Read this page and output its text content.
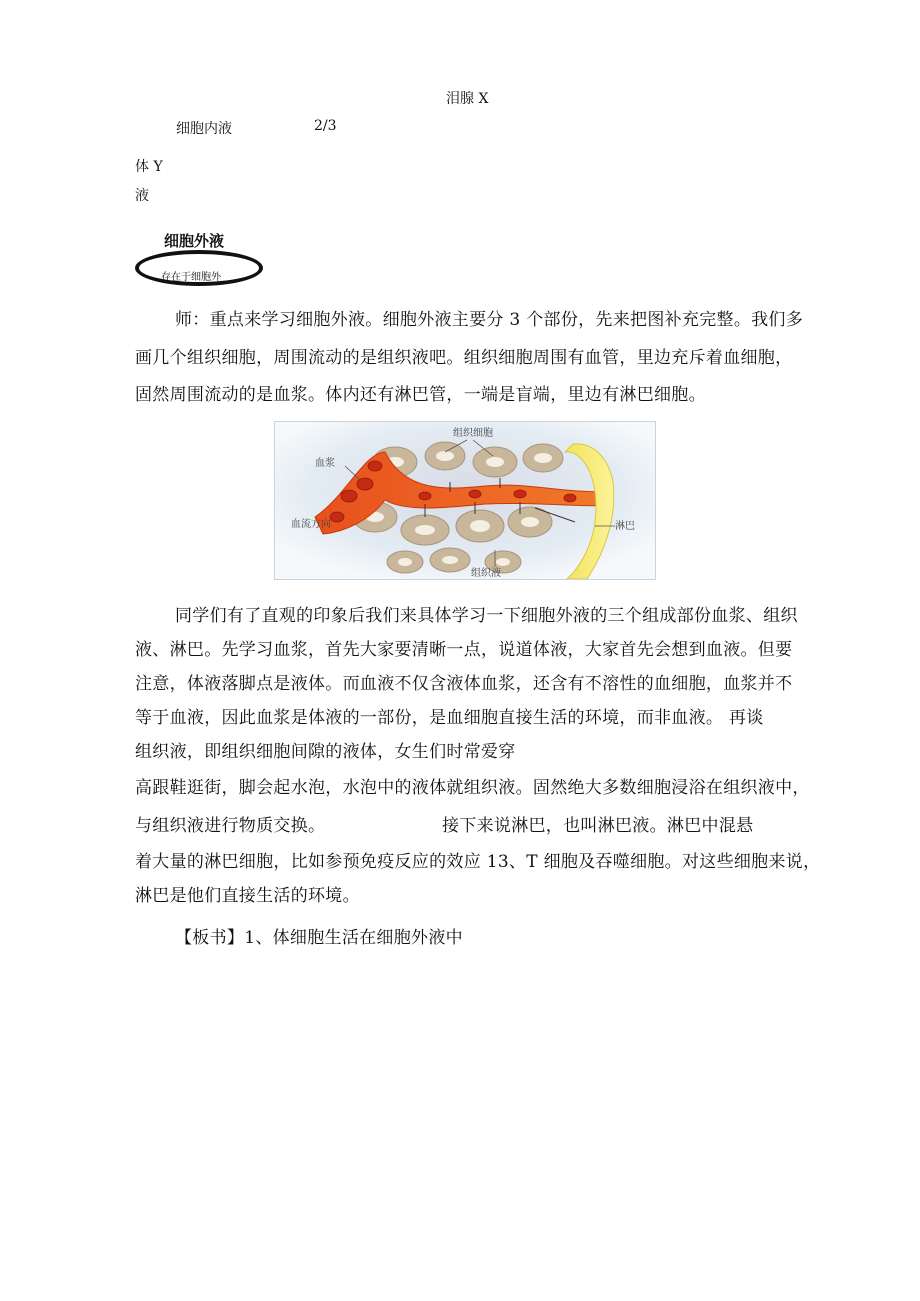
泪腺 X
细胞内液	2/3
体 Y
液
细胞外液
存在于细胞外
师：重点来学习细胞外液。细胞外液主要分 3 个部份，先来把图补充完整。我们多
画几个组织细胞，周围流动的是组织液吧。组织细胞周围有血管，里边充斥着血细胞，
固然周围流动的是血浆。体内还有淋巴管，一端是盲端，里边有淋巴细胞。
组织细胞
血浆
血流方向	淋巴
组织液
同学们有了直观的印象后我们来具体学习一下细胞外液的三个组成部份血浆、组织
液、淋巴。先学习血浆，首先大家要清晰一点，说道体液，大家首先会想到血液。但要
注意，体液落脚点是液体。而血液不仅含液体血浆，还含有不溶性的血细胞，血浆并不
等于血液，因此血浆是体液的一部份，是血细胞直接生活的环境，而非血液。 再谈
组织液，即组织细胞间隙的液体，女生们时常爱穿
高跟鞋逛街，脚会起水泡，水泡中的液体就组织液。固然绝大多数细胞浸浴在组织液中，
与组织液进行物质交换。	接下来说淋巴，也叫淋巴液。淋巴中混悬
着大量的淋巴细胞，比如参预免疫反应的效应 13、T 细胞及吞噬细胞。对这些细胞来说，
淋巴是他们直接生活的环境。
【板书】1、体细胞生活在细胞外液中
